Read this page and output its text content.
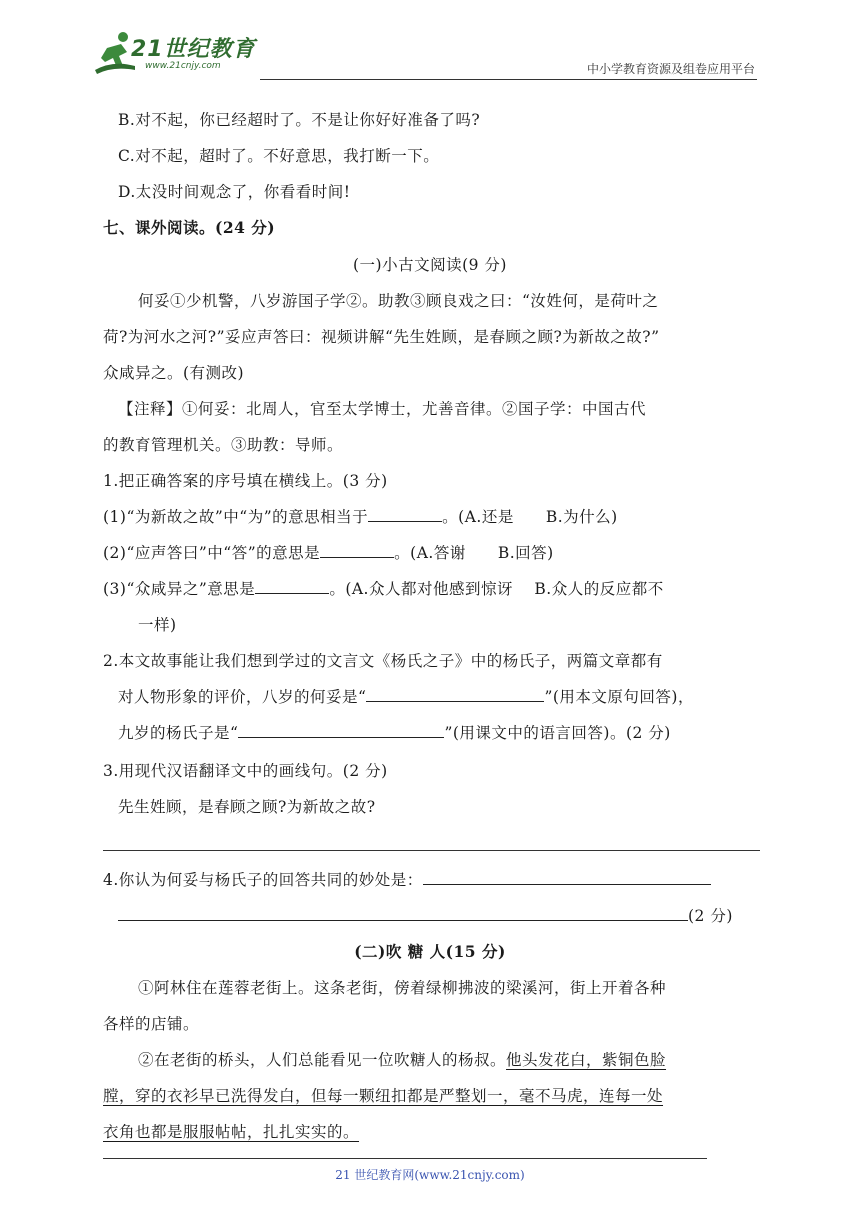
21世纪教育
www.21cnjy.com	中小学教育资源及组卷应用平台
B.对不起，你已经超时了。不是让你好好准备了吗?
C.对不起，超时了。不好意思，我打断一下。
D.太没时间观念了，你看看时间!
七、课外阅读。(24 分)
(一)小古文阅读(9 分)
何妥①少机警，八岁游国子学②。助教③顾良戏之曰：“汝姓何，是荷叶之
荷?为河水之河?”妥应声答曰：视频讲解“先生姓顾，是春顾之顾?为新故之故?”
众咸异之。(有测改)
【注释】①何妥：北周人，官至太学博士，尤善音律。②国子学：中国古代
的教育管理机关。③助教：导师。
1.把正确答案的序号填在横线上。(3 分)
(1)“为新故之故”中“为”的意思相当于	。(A.还是　　B.为什么)
(2)“应声答曰”中“答”的意思是	。(A.答谢　　B.回答)
(3)“众咸异之”意思是	。(A.众人都对他感到惊讶　 B.众人的反应都不
一样)
2.本文故事能让我们想到学过的文言文《杨氏之子》中的杨氏子，两篇文章都有
对人物形象的评价，八岁的何妥是“	”(用本文原句回答)，
九岁的杨氏子是“	”(用课文中的语言回答)。(2 分)
3.用现代汉语翻译文中的画线句。(2 分)
先生姓顾，是春顾之顾?为新故之故?
4.你认为何妥与杨氏子的回答共同的妙处是：
(2 分)
(二)吹 糖 人(15 分)
①阿林住在莲蓉老街上。这条老街，傍着绿柳拂波的梁溪河，街上开着各种
各样的店铺。
②在老街的桥头，人们总能看见一位吹糖人的杨叔。他头发花白，紫铜色脸
膛，穿的衣衫早已洗得发白，但每一颗纽扣都是严整划一，毫不马虎，连每一处
衣角也都是服服帖帖，扎扎实实的。
21 世纪教育网(www.21cnjy.com)
